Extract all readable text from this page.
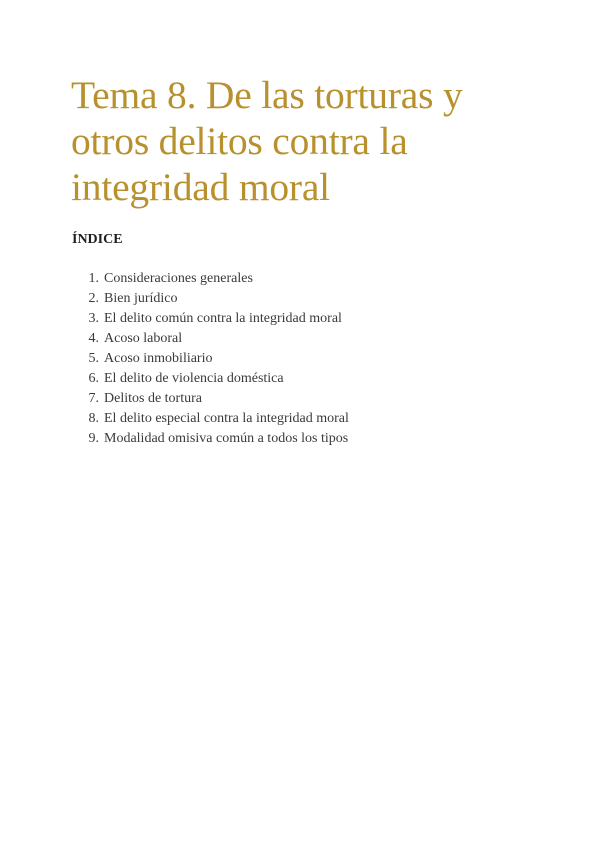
Tema 8. De las torturas y
otros delitos contra la
integridad moral
ÍNDICE
1. Consideraciones generales
2. Bien jurídico
3. El delito común contra la integridad moral
4. Acoso laboral
5. Acoso inmobiliario
6. El delito de violencia doméstica
7. Delitos de tortura
8. El delito especial contra la integridad moral
9. Modalidad omisiva común a todos los tipos
